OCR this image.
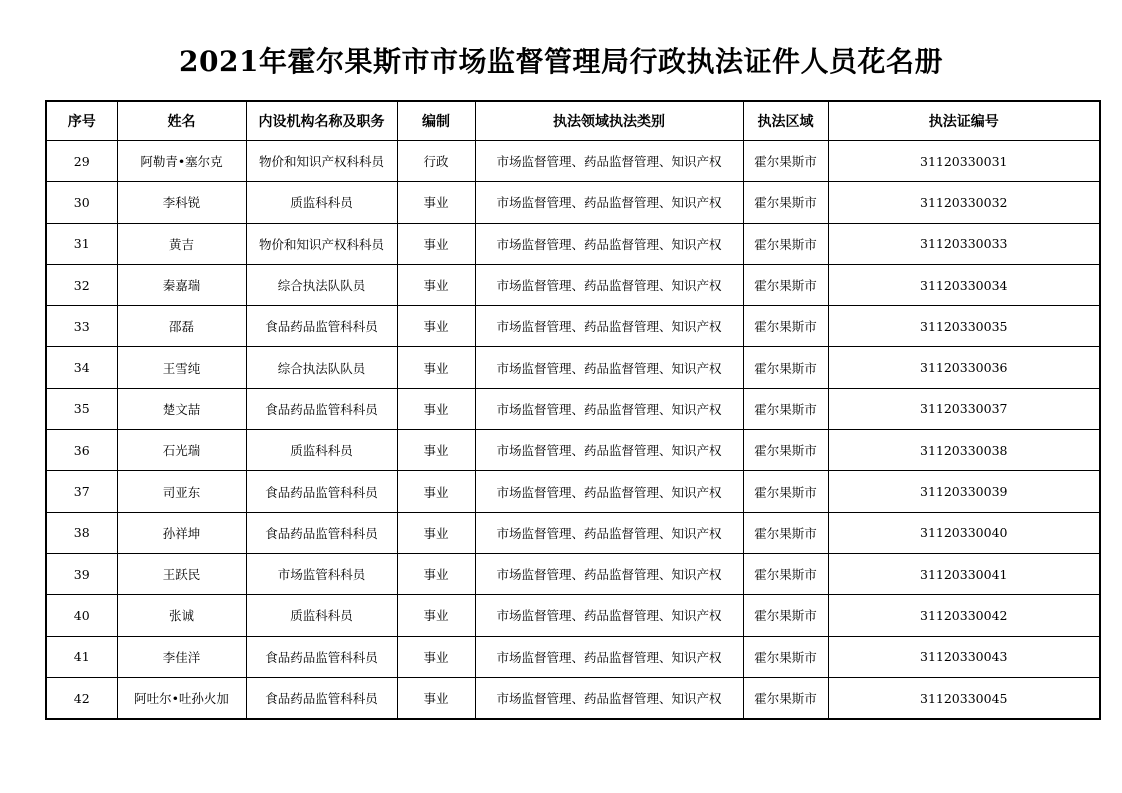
2021年霍尔果斯市市场监督管理局行政执法证件人员花名册
序号	姓名	内设机构名称及职务	编制	执法领域执法类别	执法区域	执法证编号
29	阿勒青•塞尔克	物价和知识产权科科员	行政	市场监督管理、药品监督管理、知识产权	霍尔果斯市	31120330031
30	李科锐	质监科科员	事业	市场监督管理、药品监督管理、知识产权	霍尔果斯市	31120330032
31	黄吉	物价和知识产权科科员	事业	市场监督管理、药品监督管理、知识产权	霍尔果斯市	31120330033
32	秦嘉瑞	综合执法队队员	事业	市场监督管理、药品监督管理、知识产权	霍尔果斯市	31120330034
33	邵磊	食品药品监管科科员	事业	市场监督管理、药品监督管理、知识产权	霍尔果斯市	31120330035
34	王雪纯	综合执法队队员	事业	市场监督管理、药品监督管理、知识产权	霍尔果斯市	31120330036
35	楚文喆	食品药品监管科科员	事业	市场监督管理、药品监督管理、知识产权	霍尔果斯市	31120330037
36	石光瑞	质监科科员	事业	市场监督管理、药品监督管理、知识产权	霍尔果斯市	31120330038
37	司亚东	食品药品监管科科员	事业	市场监督管理、药品监督管理、知识产权	霍尔果斯市	31120330039
38	孙祥坤	食品药品监管科科员	事业	市场监督管理、药品监督管理、知识产权	霍尔果斯市	31120330040
39	王跃民	市场监管科科员	事业	市场监督管理、药品监督管理、知识产权	霍尔果斯市	31120330041
40	张诚	质监科科员	事业	市场监督管理、药品监督管理、知识产权	霍尔果斯市	31120330042
41	李佳洋	食品药品监管科科员	事业	市场监督管理、药品监督管理、知识产权	霍尔果斯市	31120330043
42	阿吐尔•吐孙火加	食品药品监管科科员	事业	市场监督管理、药品监督管理、知识产权	霍尔果斯市	31120330045
